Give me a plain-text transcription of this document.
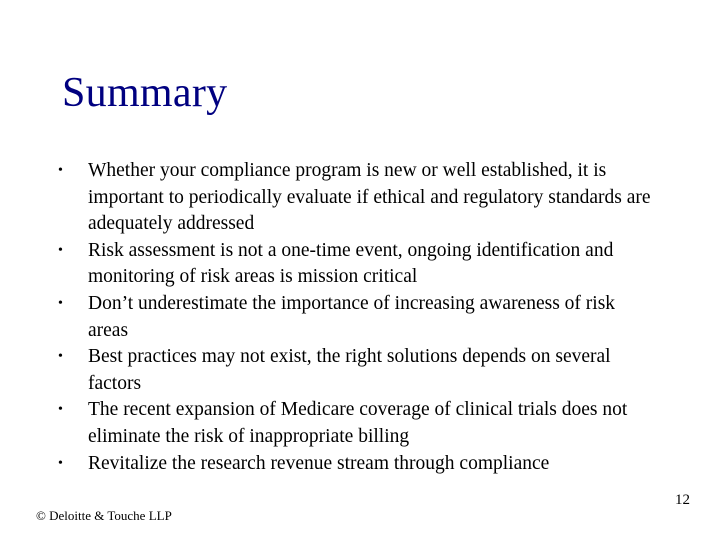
Summary
• Whether your compliance program is new or well established, it is important to periodically evaluate if ethical and regulatory standards are adequately addressed
• Risk assessment is not a one-time event, ongoing identification and monitoring of risk areas is mission critical
• Don’t underestimate the importance of increasing awareness of risk areas
• Best practices may not exist, the right solutions depends on several factors
• The recent expansion of Medicare coverage of clinical trials does not eliminate the risk of inappropriate billing
• Revitalize the research revenue stream through compliance
12
© Deloitte & Touche LLP
